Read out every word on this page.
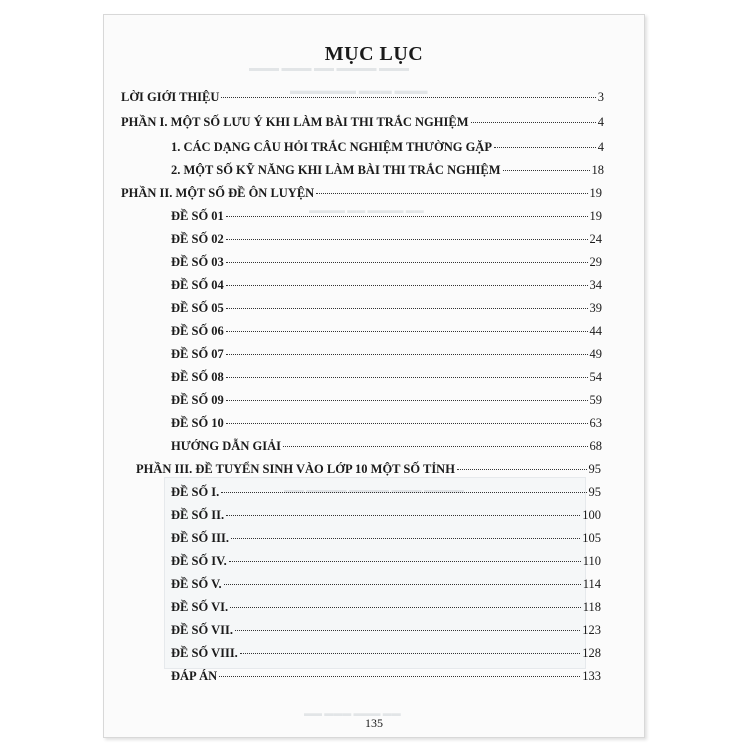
▬▬▬ ▬▬▬▬ ▬▬ ▬▬▬ ▬▬▬
▬▬▬ ▬▬▬ ▬▬▬▬▬▬
▬▬ ▬▬▬▬ ▬▬ ▬▬▬▬
▬▬▬▬ ▬▬▬ ▬▬▬▬ ▬▬▬▬ ▬▬
▬▬ ▬▬▬ ▬▬▬ ▬▬
MỤC LỤC
LỜI GIỚI THIỆU	3
PHẦN I. MỘT SỐ LƯU Ý KHI LÀM BÀI THI TRẮC NGHIỆM	4
1. CÁC DẠNG CÂU HỎI TRẮC NGHIỆM THƯỜNG GẶP	4
2. MỘT SỐ KỸ NĂNG KHI LÀM BÀI THI TRẮC NGHIỆM	18
PHẦN II. MỘT SỐ ĐỀ ÔN LUYỆN	19
ĐỀ SỐ 01	19
ĐỀ SỐ 02	24
ĐỀ SỐ 03	29
ĐỀ SỐ 04	34
ĐỀ SỐ 05	39
ĐỀ SỐ 06	44
ĐỀ SỐ 07	49
ĐỀ SỐ 08	54
ĐỀ SỐ 09	59
ĐỀ SỐ 10	63
HƯỚNG DẪN GIẢI	68
PHẦN III. ĐỀ TUYỂN SINH VÀO LỚP 10 MỘT SỐ TỈNH	95
ĐỀ SỐ I.	95
ĐỀ SỐ II.	100
ĐỀ SỐ III.	105
ĐỀ SỐ IV.	110
ĐỀ SỐ V.	114
ĐỀ SỐ VI.	118
ĐỀ SỐ VII.	123
ĐỀ SỐ VIII.	128
ĐÁP ÁN	133
135
